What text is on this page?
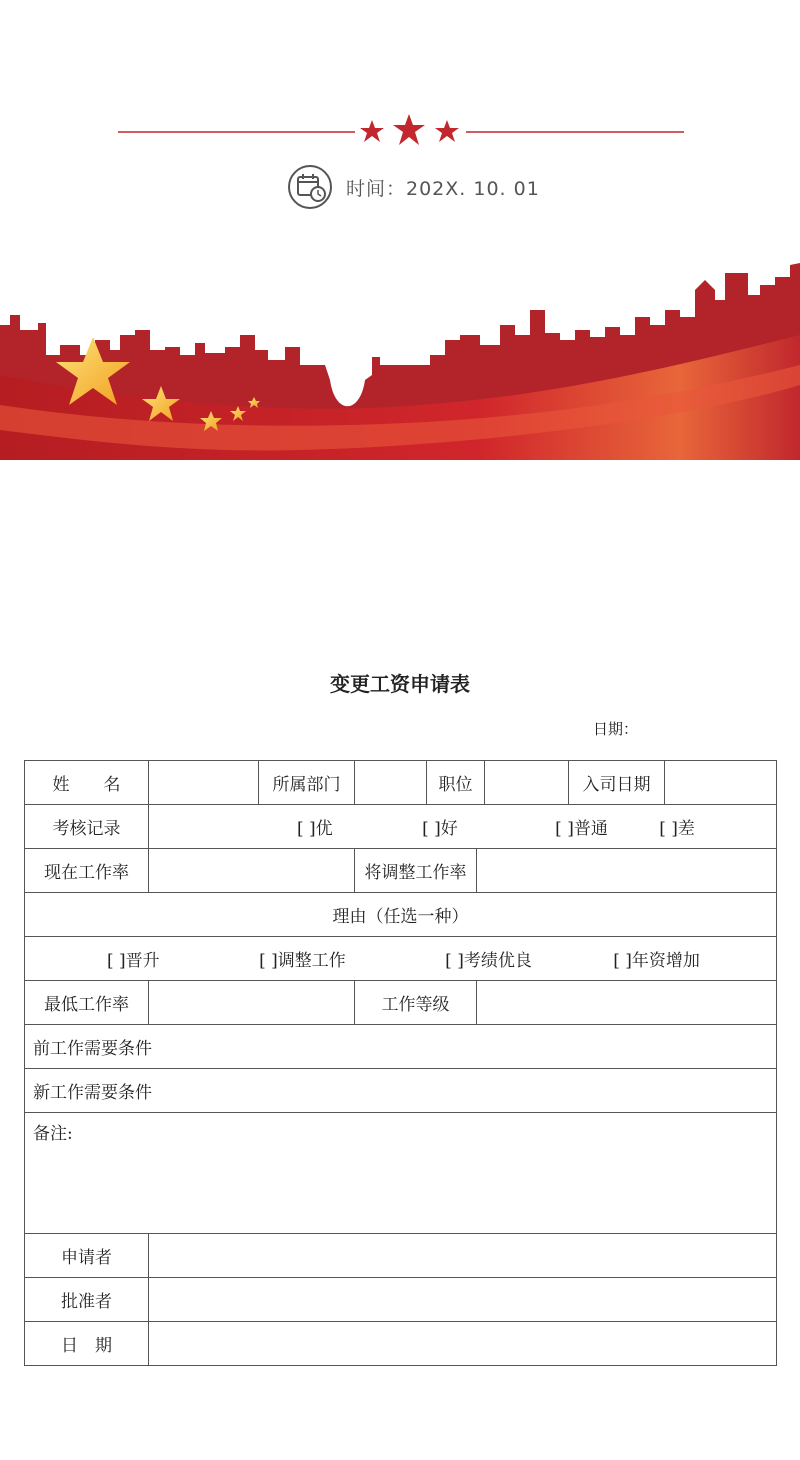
时间：202X. 10. 01
变更工资申请表
日期：
姓　　名		所属部门		职位			入司日期	
考核记录	[ ]优 [ ]好 [ ]普通 [ ]差							
现在工作率			将调整工作率					
理由（任选一种）								
[ ]晋升 [ ]调整工作 [ ]考绩优良 [ ]年资增加								
最低工作率			工作等级					
前工作需要条件								
新工作需要条件								
备注:								
申请者								
批准者								
日　期								
